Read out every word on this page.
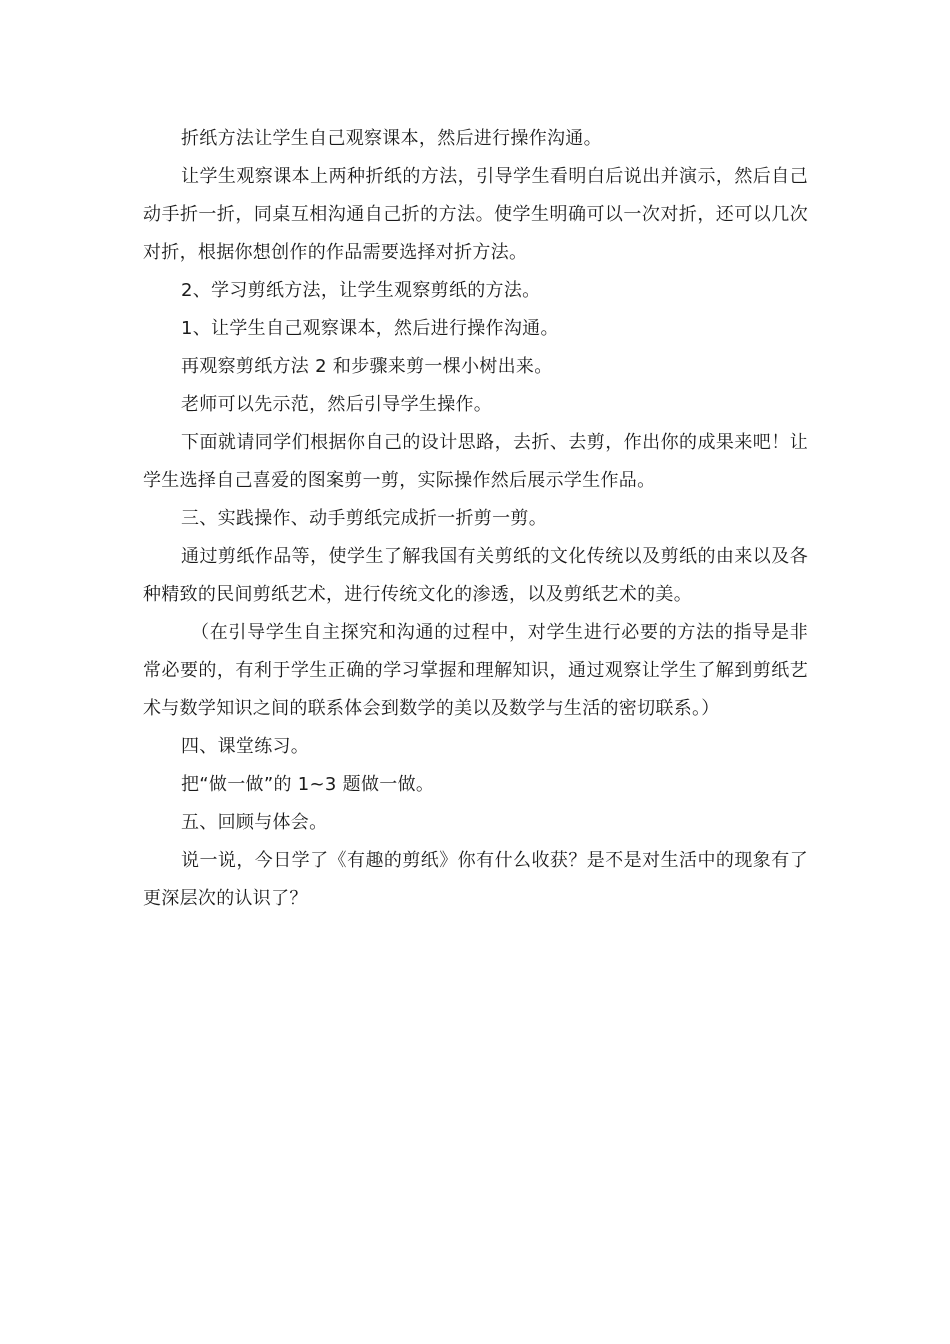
折纸方法让学生自己观察课本，然后进行操作沟通。

让学生观察课本上两种折纸的方法，引导学生看明白后说出并演示，然后自己动手折一折，同桌互相沟通自己折的方法。使学生明确可以一次对折，还可以几次对折，根据你想创作的作品需要选择对折方法。

2、学习剪纸方法，让学生观察剪纸的方法。

1、让学生自己观察课本，然后进行操作沟通。

再观察剪纸方法 2 和步骤来剪一棵小树出来。

老师可以先示范，然后引导学生操作。

下面就请同学们根据你自己的设计思路，去折、去剪，作出你的成果来吧！让学生选择自己喜爱的图案剪一剪，实际操作然后展示学生作品。

三、实践操作、动手剪纸完成折一折剪一剪。

通过剪纸作品等，使学生了解我国有关剪纸的文化传统以及剪纸的由来以及各种精致的民间剪纸艺术，进行传统文化的渗透，以及剪纸艺术的美。

（在引导学生自主探究和沟通的过程中，对学生进行必要的方法的指导是非常必要的，有利于学生正确的学习掌握和理解知识，通过观察让学生了解到剪纸艺术与数学知识之间的联系体会到数学的美以及数学与生活的密切联系。）

四、课堂练习。

把“做一做”的 1~3 题做一做。

五、回顾与体会。

说一说，今日学了《有趣的剪纸》你有什么收获？是不是对生活中的现象有了更深层次的认识了？
